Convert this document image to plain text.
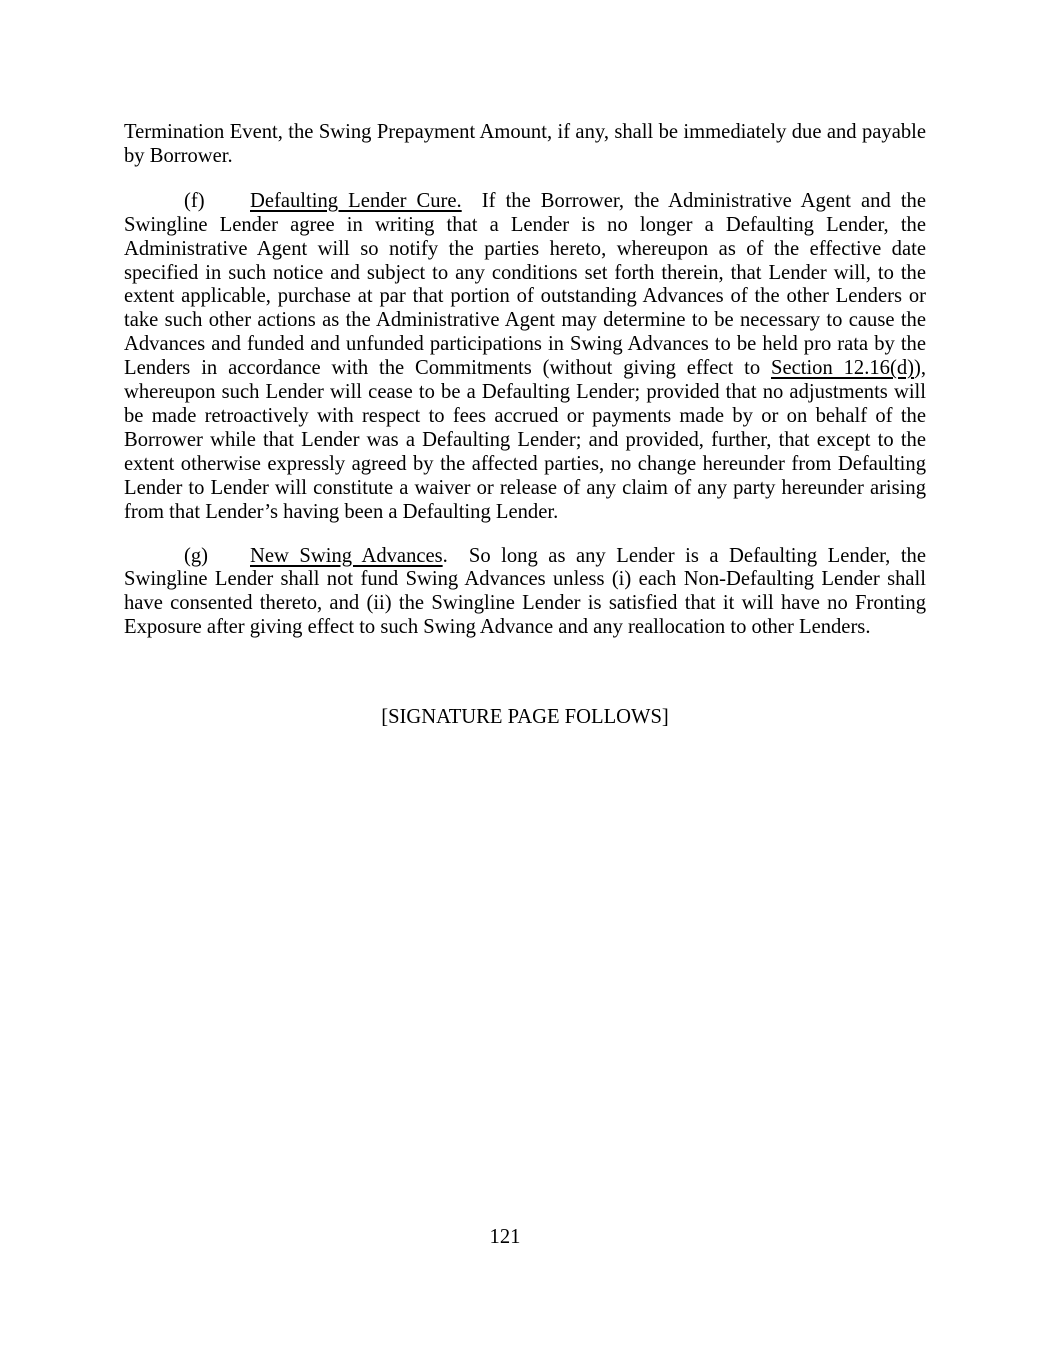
Termination Event, the Swing Prepayment Amount, if any, shall be immediately due and payable by Borrower.

(f) Defaulting Lender Cure.  If the Borrower, the Administrative Agent and the Swingline Lender agree in writing that a Lender is no longer a Defaulting Lender, the Administrative Agent will so notify the parties hereto, whereupon as of the effective date specified in such notice and subject to any conditions set forth therein, that Lender will, to the extent applicable, purchase at par that portion of outstanding Advances of the other Lenders or take such other actions as the Administrative Agent may determine to be necessary to cause the Advances and funded and unfunded participations in Swing Advances to be held pro rata by the Lenders in accordance with the Commitments (without giving effect to Section 12.16(d)), whereupon such Lender will cease to be a Defaulting Lender; provided that no adjustments will be made retroactively with respect to fees accrued or payments made by or on behalf of the Borrower while that Lender was a Defaulting Lender; and provided, further, that except to the extent otherwise expressly agreed by the affected parties, no change hereunder from Defaulting Lender to Lender will constitute a waiver or release of any claim of any party hereunder arising from that Lender’s having been a Defaulting Lender.

(g) New Swing Advances.  So long as any Lender is a Defaulting Lender, the Swingline Lender shall not fund Swing Advances unless (i) each Non-Defaulting Lender shall have consented thereto, and (ii) the Swingline Lender is satisfied that it will have no Fronting Exposure after giving effect to such Swing Advance and any reallocation to other Lenders.

[SIGNATURE PAGE FOLLOWS]

121
